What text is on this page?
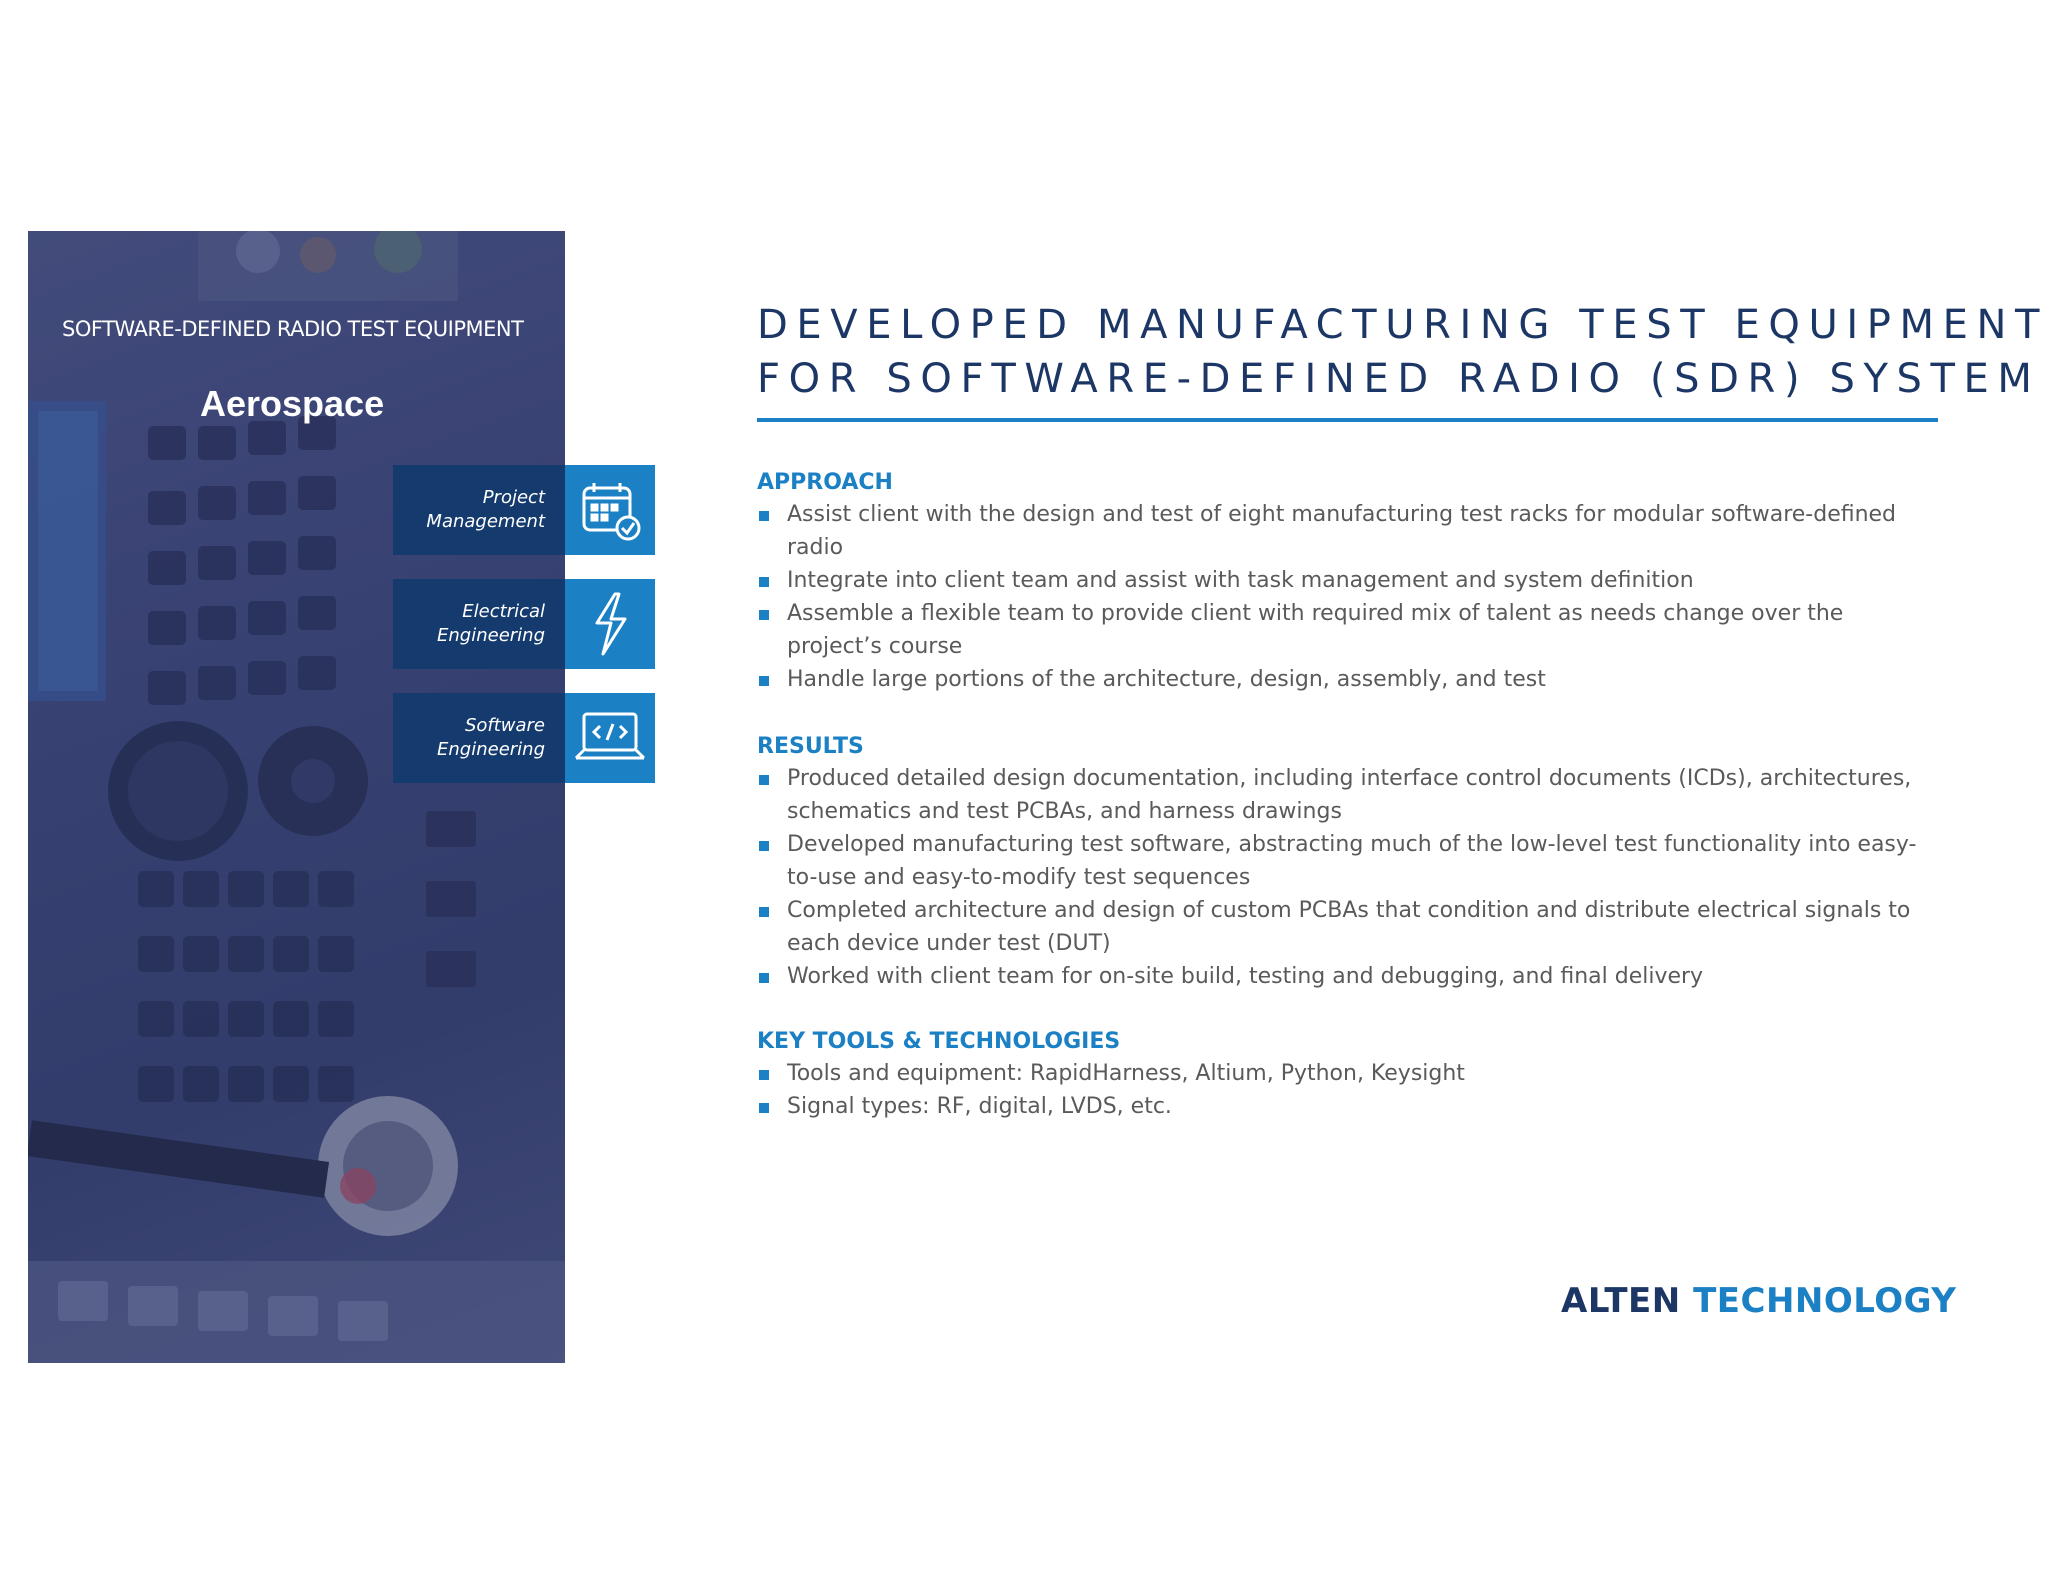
SOFTWARE-DEFINED RADIO TEST EQUIPMENT
Aerospace
Project
Management
Electrical
Engineering
Software
Engineering
DEVELOPED MANUFACTURING TEST EQUIPMENT
FOR SOFTWARE-DEFINED RADIO (SDR) SYSTEM
APPROACH
Assist client with the design and test of eight manufacturing test racks for modular software-defined radio
Integrate into client team and assist with task management and system definition
Assemble a flexible team to provide client with required mix of talent as needs change over the project’s course
Handle large portions of the architecture, design, assembly, and test
RESULTS
Produced detailed design documentation, including interface control documents (ICDs), architectures, schematics and test PCBAs, and harness drawings
Developed manufacturing test software, abstracting much of the low-level test functionality into easy-to-use and easy-to-modify test sequences
Completed architecture and design of custom PCBAs that condition and distribute electrical signals to each device under test (DUT)
Worked with client team for on-site build, testing and debugging, and final delivery
KEY TOOLS & TECHNOLOGIES
Tools and equipment: RapidHarness, Altium, Python, Keysight
Signal types: RF, digital, LVDS, etc.
ALTEN TECHNOLOGY
